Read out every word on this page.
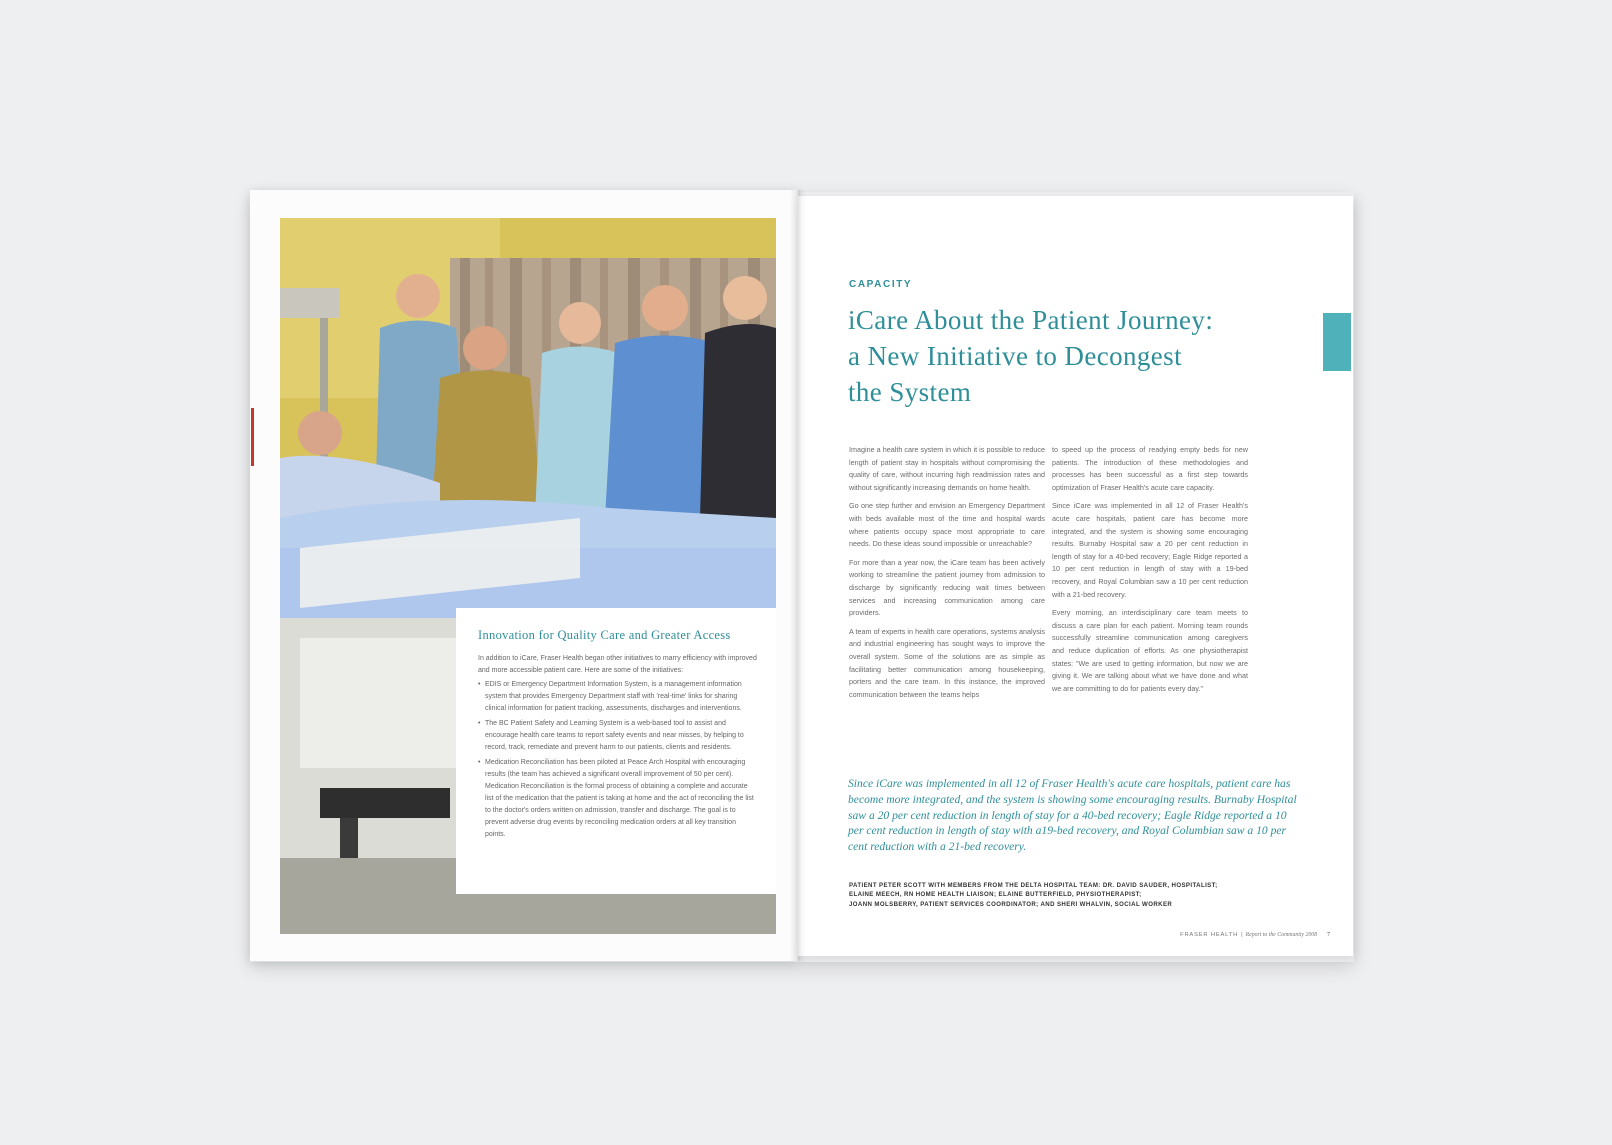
Innovation for Quality Care and Greater Access

In addition to iCare, Fraser Health began other initiatives to marry efficiency with improved and more accessible patient care. Here are some of the initiatives:

• EDIS or Emergency Department Information System, is a management information system that provides Emergency Department staff with 'real-time' links for sharing clinical information for patient tracking, assessments, discharges and interventions.
• The BC Patient Safety and Learning System is a web-based tool to assist and encourage health care teams to report safety events and near misses, by helping to record, track, remediate and prevent harm to our patients, clients and residents.
• Medication Reconciliation has been piloted at Peace Arch Hospital with encouraging results (the team has achieved a significant overall improvement of 50 per cent). Medication Reconciliation is the formal process of obtaining a complete and accurate list of the medication that the patient is taking at home and the act of reconciling the list to the doctor's orders written on admission, transfer and discharge. The goal is to prevent adverse drug events by reconciling medication orders at all key transition points.
CAPACITY
iCare About the Patient Journey:
a New Initiative to Decongest
the System

Imagine a health care system in which it is possible to reduce length of patient stay in hospitals without compromising the quality of care, without incurring high readmission rates and without significantly increasing demands on home health.

Go one step further and envision an Emergency Department with beds available most of the time and hospital wards where patients occupy space most appropriate to care needs. Do these ideas sound impossible or unreachable?

For more than a year now, the iCare team has been actively working to streamline the patient journey from admission to discharge by significantly reducing wait times between services and increasing communication among care providers.

A team of experts in health care operations, systems analysis and industrial engineering has sought ways to improve the overall system. Some of the solutions are as simple as facilitating better communication among housekeeping, porters and the care team. In this instance, the improved communication between the teams helps

to speed up the process of readying empty beds for new patients. The introduction of these methodologies and processes has been successful as a first step towards optimization of Fraser Health's acute care capacity.

Since iCare was implemented in all 12 of Fraser Health's acute care hospitals, patient care has become more integrated, and the system is showing some encouraging results. Burnaby Hospital saw a 20 per cent reduction in length of stay for a 40-bed recovery; Eagle Ridge reported a 10 per cent reduction in length of stay with a 19-bed recovery, and Royal Columbian saw a 10 per cent reduction with a 21-bed recovery.

Every morning, an interdisciplinary care team meets to discuss a care plan for each patient. Morning team rounds successfully streamline communication among caregivers and reduce duplication of efforts. As one physiotherapist states: "We are used to getting information, but now we are giving it. We are talking about what we have done and what we are committing to do for patients every day."

Since iCare was implemented in all 12 of Fraser Health's acute care hospitals, patient care has become more integrated, and the system is showing some encouraging results. Burnaby Hospital saw a 20 per cent reduction in length of stay for a 40-bed recovery; Eagle Ridge reported a 10 per cent reduction in length of stay with a19-bed recovery, and Royal Columbian saw a 10 per cent reduction with a 21-bed recovery.
PATIENT PETER SCOTT WITH MEMBERS FROM THE DELTA HOSPITAL TEAM: DR. DAVID SAUDER, HOSPITALIST;
ELAINE MEECH, RN HOME HEALTH LIAISON; ELAINE BUTTERFIELD, PHYSIOTHERAPIST;
JOANN MOLSBERRY, PATIENT SERVICES COORDINATOR; AND SHERI WHALVIN, SOCIAL WORKER
FRASER HEALTH | Report to the Community 2008 7
